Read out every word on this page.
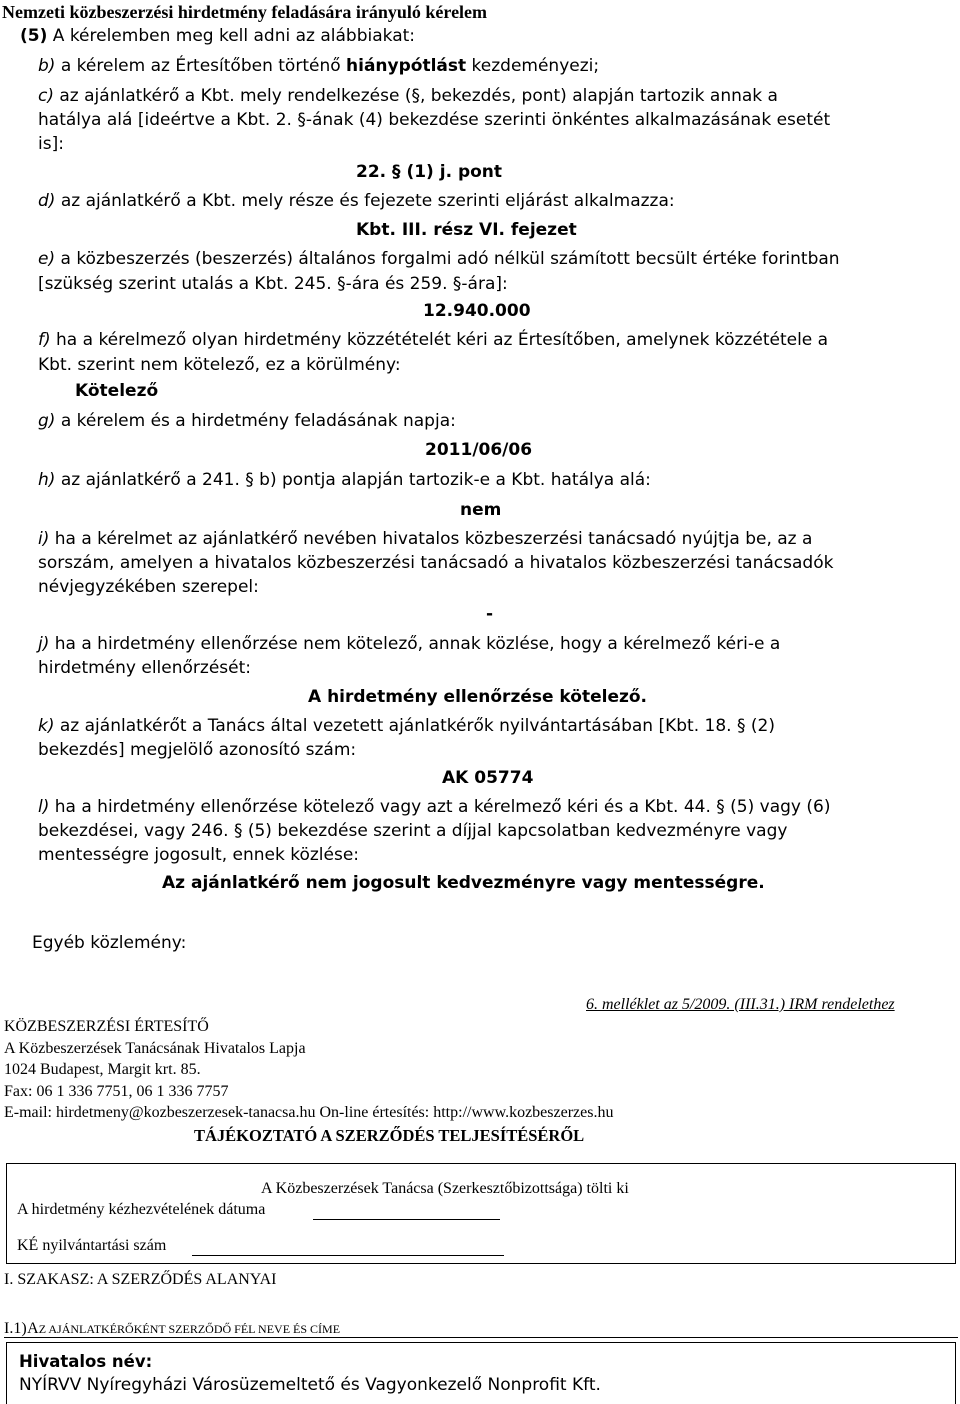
Nemzeti közbeszerzési hirdetmény feladására irányuló kérelem
(5) A kérelemben meg kell adni az alábbiakat:
b) a kérelem az Értesítőben történő hiánypótlást kezdeményezi;
c) az ajánlatkérő a Kbt. mely rendelkezése (§, bekezdés, pont) alapján tartozik annak a
hatálya alá [ideértve a Kbt. 2. §-ának (4) bekezdése szerinti önkéntes alkalmazásának esetét
is]:
22. § (1) j. pont
d) az ajánlatkérő a Kbt. mely része és fejezete szerinti eljárást alkalmazza:
Kbt. III. rész VI. fejezet
e) a közbeszerzés (beszerzés) általános forgalmi adó nélkül számított becsült értéke forintban
[szükség szerint utalás a Kbt. 245. §-ára és 259. §-ára]:
12.940.000
f) ha a kérelmező olyan hirdetmény közzétételét kéri az Értesítőben, amelynek közzététele a
Kbt. szerint nem kötelező, ez a körülmény:
Kötelező
g) a kérelem és a hirdetmény feladásának napja:
2011/06/06
h) az ajánlatkérő a 241. § b) pontja alapján tartozik-e a Kbt. hatálya alá:
nem
i) ha a kérelmet az ajánlatkérő nevében hivatalos közbeszerzési tanácsadó nyújtja be, az a
sorszám, amelyen a hivatalos közbeszerzési tanácsadó a hivatalos közbeszerzési tanácsadók
névjegyzékében szerepel:
-
j) ha a hirdetmény ellenőrzése nem kötelező, annak közlése, hogy a kérelmező kéri-e a
hirdetmény ellenőrzését:
A hirdetmény ellenőrzése kötelező.
k) az ajánlatkérőt a Tanács által vezetett ajánlatkérők nyilvántartásában [Kbt. 18. § (2)
bekezdés] megjelölő azonosító szám:
AK 05774
l) ha a hirdetmény ellenőrzése kötelező vagy azt a kérelmező kéri és a Kbt. 44. § (5) vagy (6)
bekezdései, vagy 246. § (5) bekezdése szerint a díjjal kapcsolatban kedvezményre vagy
mentességre jogosult, ennek közlése:
Az ajánlatkérő nem jogosult kedvezményre vagy mentességre.
Egyéb közlemény:
6. melléklet az 5/2009. (III.31.) IRM rendelethez
KÖZBESZERZÉSI ÉRTESÍTŐ
A Közbeszerzések Tanácsának Hivatalos Lapja
1024 Budapest, Margit krt. 85.
Fax: 06 1 336 7751, 06 1 336 7757
E-mail: hirdetmeny@kozbeszerzesek-tanacsa.hu On-line értesítés: http://www.kozbeszerzes.hu
TÁJÉKOZTATÓ A SZERZŐDÉS TELJESÍTÉSÉRŐL
A Közbeszerzések Tanácsa (Szerkesztőbizottsága) tölti ki
A hirdetmény kézhezvételének dátuma
KÉ nyilvántartási szám
I. SZAKASZ: A SZERZŐDÉS ALANYAI
I.1) AZ AJÁNLATKÉRŐKÉNT SZERZŐDŐ FÉL NEVE ÉS CÍME
Hivatalos név:
NYÍRVV Nyíregyházi Városüzemeltető és Vagyonkezelő Nonprofit Kft.
